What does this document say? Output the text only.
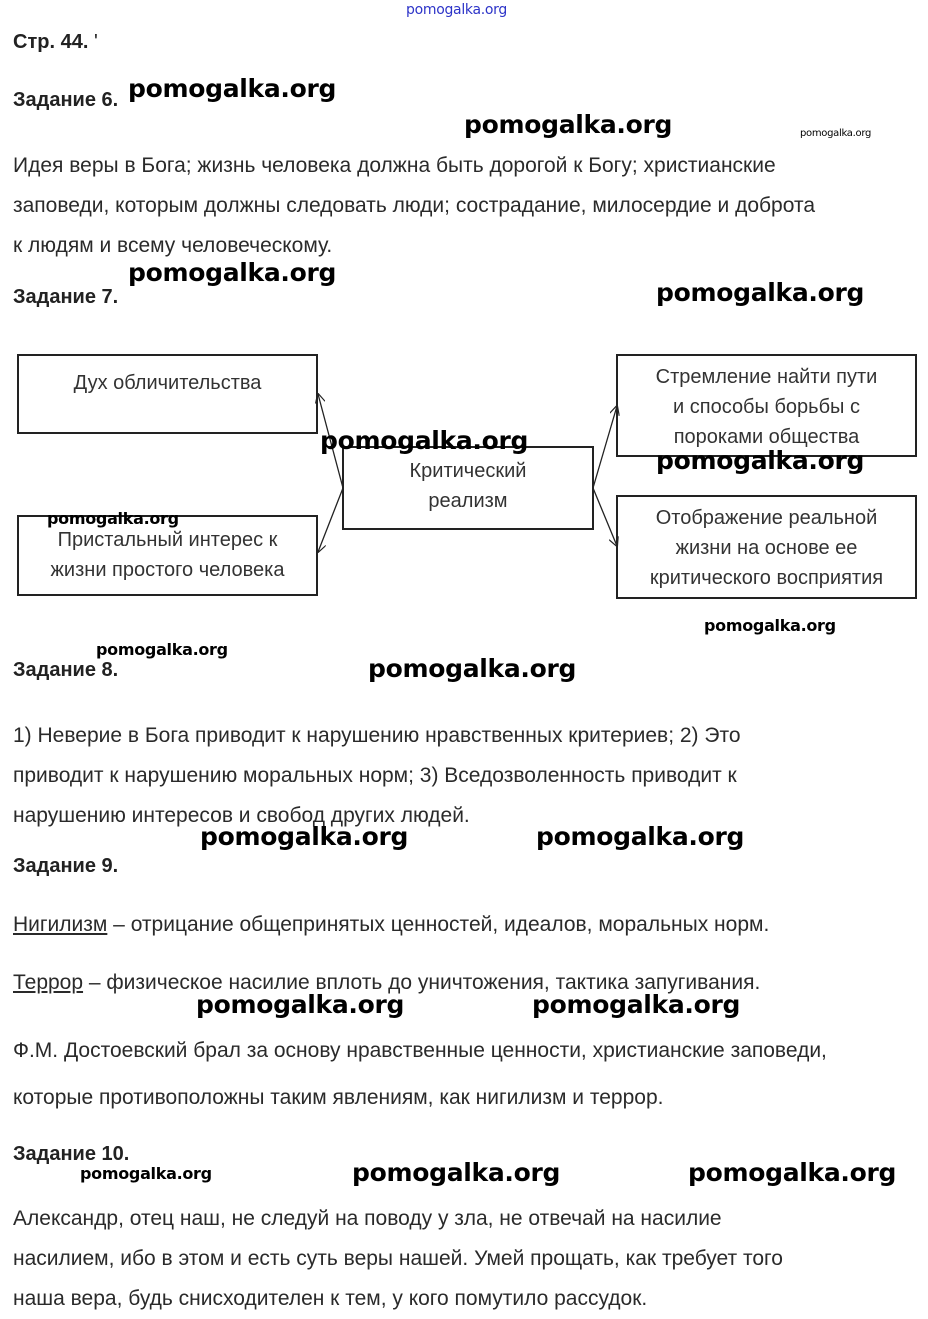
pomogalka.org
Стр. 44. '
Задание 6.

Идея веры в Бога; жизнь человека должна быть дорогой к Богу; христианские

заповеди, которым должны следовать люди; сострадание, милосердие и доброта

к людям и всему человеческому.

Задание 7.
Дух обличительства
Пристальный интерес к
жизни простого человека
Критический
реализм
Стремление найти пути
и способы борьбы с
пороками общества
Отображение реальной
жизни на основе ее
критического восприятия
Задание 8.

1) Неверие в Бога приводит к нарушению нравственных критериев; 2) Это

приводит к нарушению моральных норм; 3) Вседозволенность приводит к

нарушению интересов и свобод других людей.

Задание 9.

Нигилизм – отрицание общепринятых ценностей, идеалов, моральных норм.

Террор – физическое насилие вплоть до уничтожения, тактика запугивания.

Ф.М. Достоевский брал за основу нравственные ценности, христианские заповеди,

которые противоположны таким явлениям, как нигилизм и террор.

Задание 10.

Александр, отец наш, не следуй на поводу у зла, не отвечай на насилие

насилием, ибо в этом и есть суть веры нашей. Умей прощать, как требует того

наша вера, будь снисходителен к тем, у кого помутило рассудок.

pomogalka.org
pomogalka.org	pomogalka.org
pomogalka.org
pomogalka.org
pomogalka.org
pomogalka.org
pomogalka.org
pomogalka.org
pomogalka.org
pomogalka.org
pomogalka.org	pomogalka.org
pomogalka.org	pomogalka.org
pomogalka.org	pomogalka.org	pomogalka.org
